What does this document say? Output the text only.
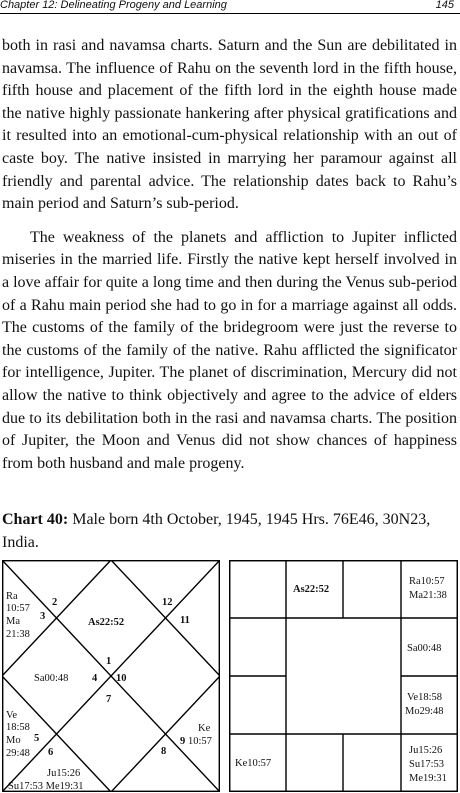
Chapter 12: Delineating Progeny and Learning	145

both in rasi and navamsa charts. Saturn and the Sun are debilitated in navamsa. The influence of Rahu on the seventh lord in the fifth house, fifth house and placement of the fifth lord in the eighth house made the native highly passionate hankering after physical gratifications and it resulted into an emotional-cum-physical relationship with an out of caste boy. The native insisted in marrying her paramour against all friendly and parental advice. The relationship dates back to Rahu’s main period and Saturn’s sub-period.

The weakness of the planets and affliction to Jupiter inflicted miseries in the married life. Firstly the native kept herself involved in a love affair for quite a long time and then during the Venus sub-period of a Rahu main period she had to go in for a marriage against all odds. The customs of the family of the bridegroom were just the reverse to the customs of the family of the native. Rahu afflicted the significator for intelligence, Jupiter. The planet of discrimination, Mercury did not allow the native to think objectively and agree to the advice of elders due to its debilitation both in the rasi and navamsa charts. The position of Jupiter, the Moon and Venus did not show chances of happiness from both husband and male progeny.

Chart 40: Male born 4th October, 1945, 1945 Hrs. 76E46, 30N23, India.
1
2
3
4
5
6
7
8
9
10
11
12
Ra
10:57
Ma
21:38
As22:52
Sa00:48
Ve
18:58
Mo
29:48
Ju15:26
Su17:53 Me19:31
Ke
10:57
As22:52
Ra10:57
Ma21:38
Sa00:48
Ve18:58
Mo29:48
Ju15:26
Su17:53
Me19:31
Ke10:57
